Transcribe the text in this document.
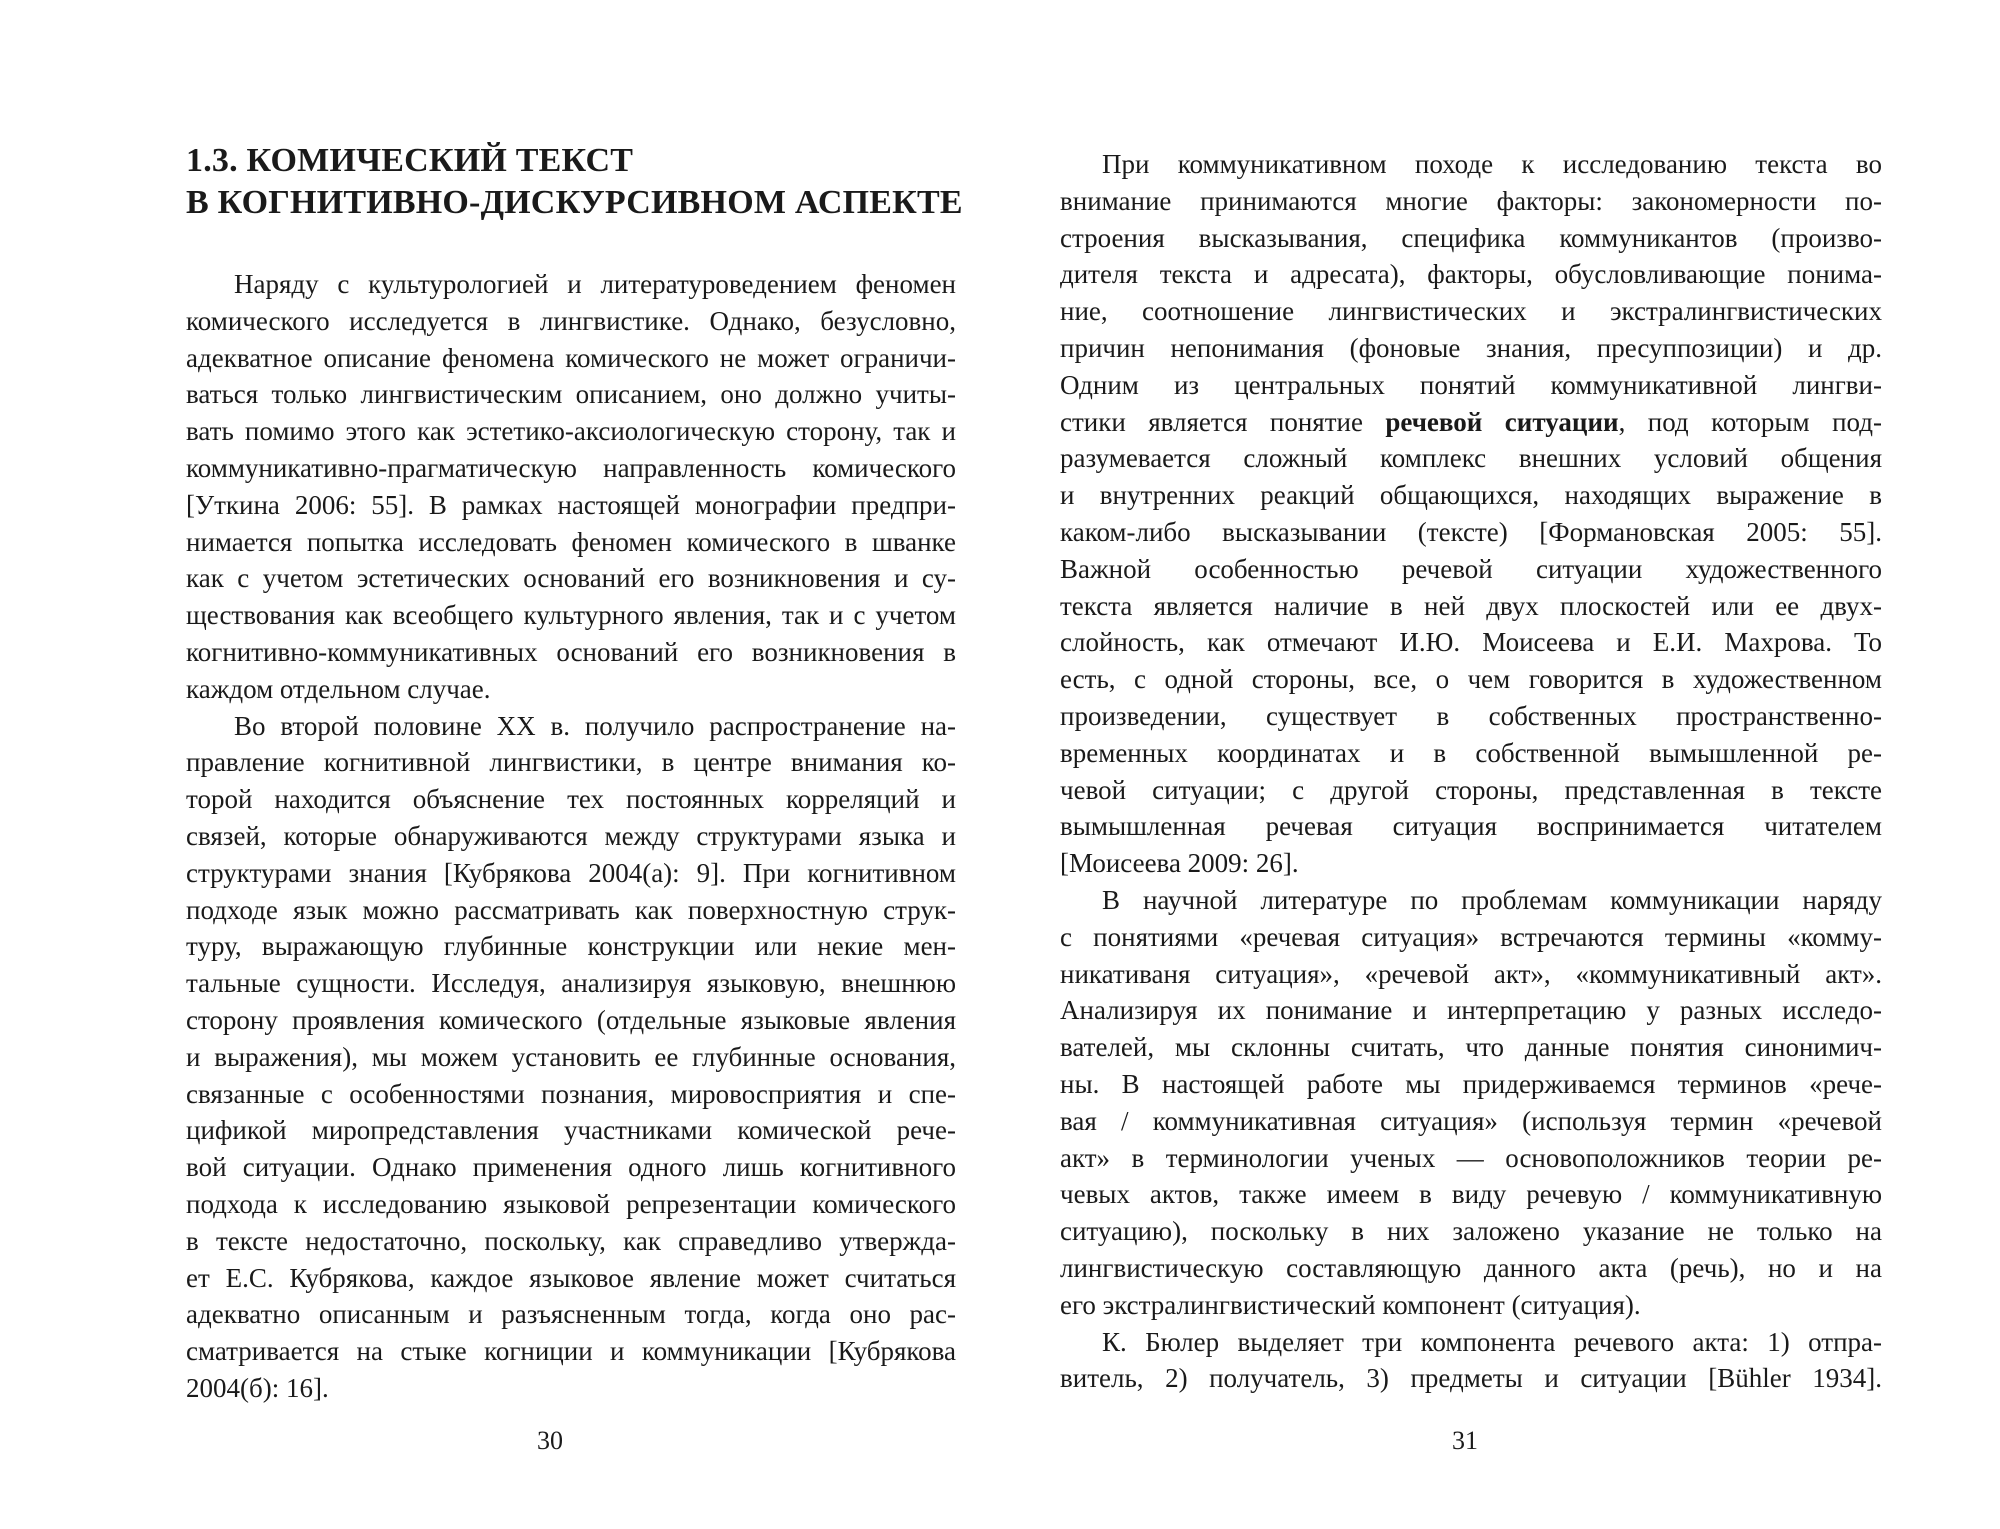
1.3. КОМИЧЕСКИЙ ТЕКСТ
В КОГНИТИВНО-ДИСКУРСИВНОМ АСПЕКТЕ
Наряду с культурологией и литературоведением феномен
комического исследуется в лингвистике. Однако, безусловно,
адекватное описание феномена комического не может ограничи-
ваться только лингвистическим описанием, оно должно учиты-
вать помимо этого как эстетико-аксиологическую сторону, так и
коммуникативно-прагматическую направленность комического
[Уткина 2006: 55]. В рамках настоящей монографии предпри-
нимается попытка исследовать феномен комического в шванке
как с учетом эстетических оснований его возникновения и су-
ществования как всеобщего культурного явления, так и с учетом
когнитивно-коммуникативных оснований его возникновения в
каждом отдельном случае.
Во второй половине XX в. получило распространение на-
правление когнитивной лингвистики, в центре внимания ко-
торой находится объяснение тех постоянных корреляций и
связей, которые обнаруживаются между структурами языка и
структурами знания [Кубрякова 2004(а): 9]. При когнитивном
подходе язык можно рассматривать как поверхностную струк-
туру, выражающую глубинные конструкции или некие мен-
тальные сущности. Исследуя, анализируя языковую, внешнюю
сторону проявления комического (отдельные языковые явления
и выражения), мы можем установить ее глубинные основания,
связанные с особенностями познания, мировосприятия и спе-
цификой миропредставления участниками комической рече-
вой ситуации. Однако применения одного лишь когнитивного
подхода к исследованию языковой репрезентации комического
в тексте недостаточно, поскольку, как справедливо утвержда-
ет Е.С. Кубрякова, каждое языковое явление может считаться
адекватно описанным и разъясненным тогда, когда оно рас-
сматривается на стыке когниции и коммуникации [Кубрякова
2004(б): 16].
30
При коммуникативном походе к исследованию текста во
внимание принимаются многие факторы: закономерности по-
строения высказывания, специфика коммуникантов (произво-
дителя текста и адресата), факторы, обусловливающие понима-
ние, соотношение лингвистических и экстралингвистических
причин непонимания (фоновые знания, пресуппозиции) и др.
Одним из центральных понятий коммуникативной лингви-
стики является понятие речевой ситуации, под которым под-
разумевается сложный комплекс внешних условий общения
и внутренних реакций общающихся, находящих выражение в
каком-либо высказывании (тексте) [Формановская 2005: 55].
Важной особенностью речевой ситуации художественного
текста является наличие в ней двух плоскостей или ее двух-
слойность, как отмечают И.Ю. Моисеева и Е.И. Махрова. То
есть, с одной стороны, все, о чем говорится в художественном
произведении, существует в собственных пространственно-
временных координатах и в собственной вымышленной ре-
чевой ситуации; с другой стороны, представленная в тексте
вымышленная речевая ситуация воспринимается читателем
[Моисеева 2009: 26].
В научной литературе по проблемам коммуникации наряду
с понятиями «речевая ситуация» встречаются термины «комму-
никативаня ситуация», «речевой акт», «коммуникативный акт».
Анализируя их понимание и интерпретацию у разных исследо-
вателей, мы склонны считать, что данные понятия синонимич-
ны. В настоящей работе мы придерживаемся терминов «рече-
вая / коммуникативная ситуация» (используя термин «речевой
акт» в терминологии ученых — основоположников теории ре-
чевых актов, также имеем в виду речевую / коммуникативную
ситуацию), поскольку в них заложено указание не только на
лингвистическую составляющую данного акта (речь), но и на
его экстралингвистический компонент (ситуация).
К. Бюлер выделяет три компонента речевого акта: 1) отпра-
витель, 2) получатель, 3) предметы и ситуации [Bühler 1934].
31
